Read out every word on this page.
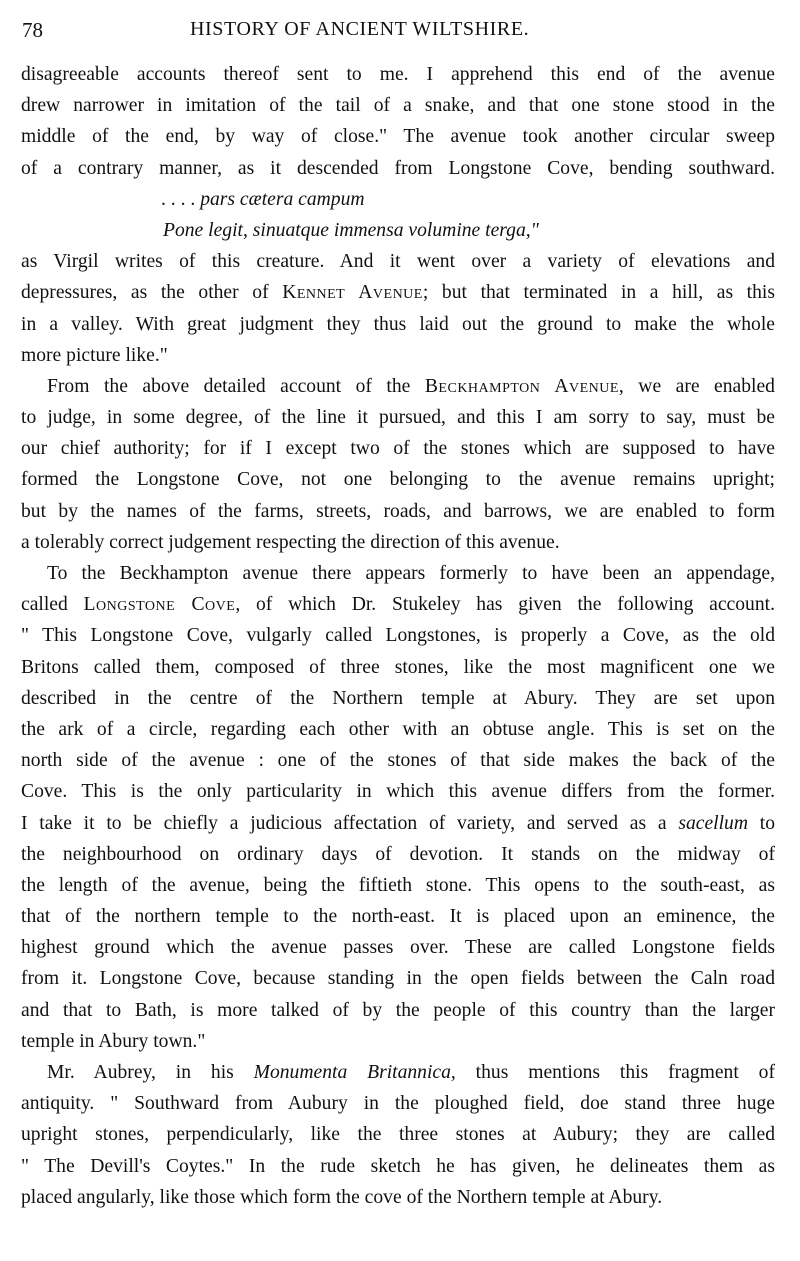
78	HISTORY OF ANCIENT WILTSHIRE.
disagreeable accounts thereof sent to me. I apprehend this end of the avenue
drew narrower in imitation of the tail of a snake, and that one stone stood in the
middle of the end, by way of close." The avenue took another circular sweep
of a contrary manner, as it descended from Longstone Cove, bending southward.
. . . . pars cætera campum
Pone legit, sinuatque immensa volumine terga,"
as Virgil writes of this creature. And it went over a variety of elevations and
depressures, as the other of Kennet Avenue; but that terminated in a hill, as this
in a valley. With great judgment they thus laid out the ground to make the whole
more picture like."
From the above detailed account of the Beckhampton Avenue, we are enabled
to judge, in some degree, of the line it pursued, and this I am sorry to say, must be
our chief authority; for if I except two of the stones which are supposed to have
formed the Longstone Cove, not one belonging to the avenue remains upright;
but by the names of the farms, streets, roads, and barrows, we are enabled to form
a tolerably correct judgement respecting the direction of this avenue.
To the Beckhampton avenue there appears formerly to have been an appendage,
called Longstone Cove, of which Dr. Stukeley has given the following account.
" This Longstone Cove, vulgarly called Longstones, is properly a Cove, as the old
Britons called them, composed of three stones, like the most magnificent one we
described in the centre of the Northern temple at Abury. They are set upon
the ark of a circle, regarding each other with an obtuse angle. This is set on the
north side of the avenue : one of the stones of that side makes the back of the
Cove. This is the only particularity in which this avenue differs from the former.
I take it to be chiefly a judicious affectation of variety, and served as a sacellum to
the neighbourhood on ordinary days of devotion. It stands on the midway of
the length of the avenue, being the fiftieth stone. This opens to the south-east, as
that of the northern temple to the north-east. It is placed upon an eminence, the
highest ground which the avenue passes over. These are called Longstone fields
from it. Longstone Cove, because standing in the open fields between the Caln road
and that to Bath, is more talked of by the people of this country than the larger
temple in Abury town."
Mr. Aubrey, in his Monumenta Britannica, thus mentions this fragment of
antiquity. " Southward from Aubury in the ploughed field, doe stand three huge
upright stones, perpendicularly, like the three stones at Aubury; they are called
" The Devill's Coytes." In the rude sketch he has given, he delineates them as
placed angularly, like those which form the cove of the Northern temple at Abury.
